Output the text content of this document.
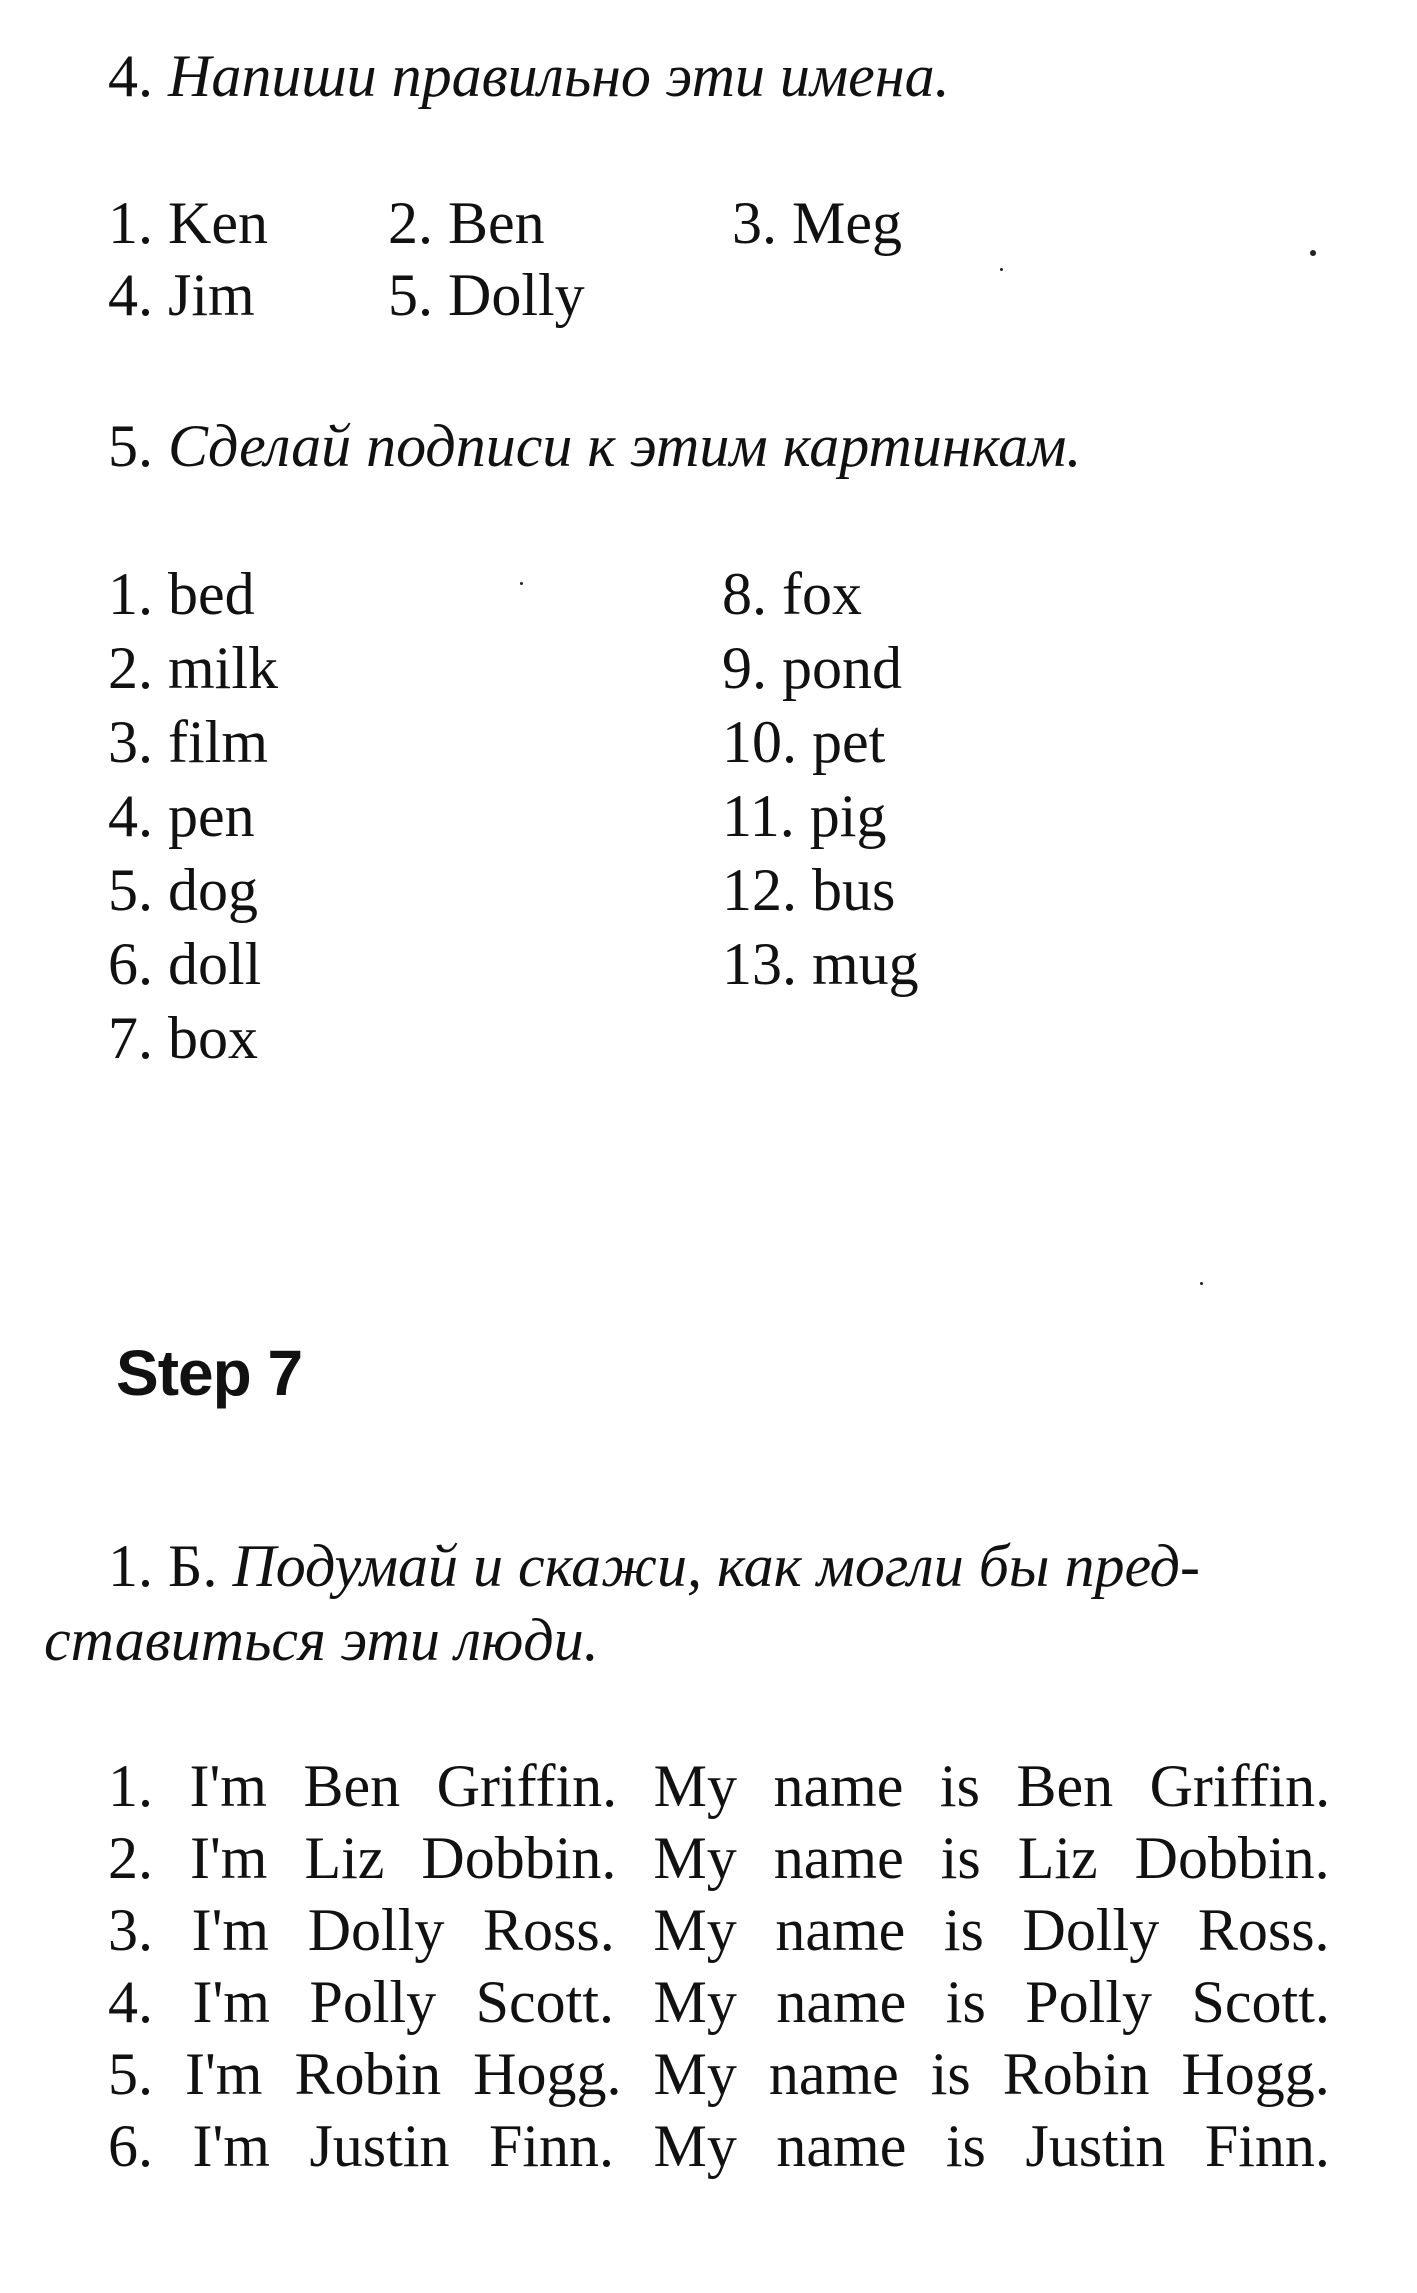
4. Напиши правильно эти имена.
1. Ken 2. Ben	3. Meg
4. Jim 5. Dolly
5. Сделай подписи к этим картинкам.
1. bed
2. milk
3. film
4. pen
5. dog
6. doll
7. box
8. fox
9. pond
10. pet
11. pig
12. bus
13. mug
Step 7
1. Б. Подумай и скажи, как могли бы пред-
ставиться эти люди.
1. I'm Ben Griffin. My name is Ben Griffin.
2. I'm Liz Dobbin. My name is Liz Dobbin.
3. I'm Dolly Ross. My name is Dolly Ross.
4. I'm Polly Scott. My name is Polly Scott.
5. I'm Robin Hogg. My name is Robin Hogg.
6. I'm Justin Finn. My name is Justin Finn.
